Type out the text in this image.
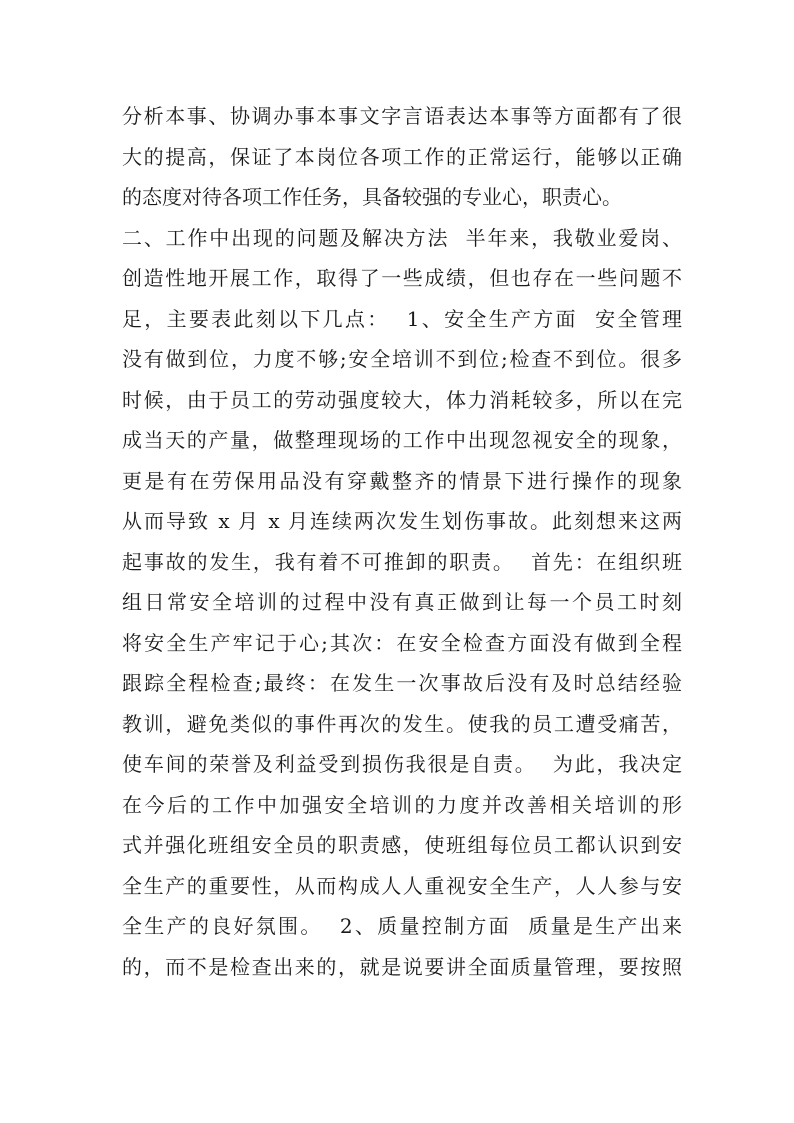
分析本事、协调办事本事文字言语表达本事等方面都有了很
大的提高，保证了本岗位各项工作的正常运行，能够以正确
的态度对待各项工作任务，具备较强的专业心，职责心。
二、工作中出现的问题及解决方法  半年来，我敬业爱岗、
创造性地开展工作，取得了一些成绩，但也存在一些问题不
足，主要表此刻以下几点：  1、安全生产方面  安全管理
没有做到位，力度不够;安全培训不到位;检查不到位。很多
时候，由于员工的劳动强度较大，体力消耗较多，所以在完
成当天的产量，做整理现场的工作中出现忽视安全的现象，
更是有在劳保用品没有穿戴整齐的情景下进行操作的现象
从而导致 x 月 x 月连续两次发生划伤事故。此刻想来这两
起事故的发生，我有着不可推卸的职责。  首先：在组织班
组日常安全培训的过程中没有真正做到让每一个员工时刻
将安全生产牢记于心;其次：在安全检查方面没有做到全程
跟踪全程检查;最终：在发生一次事故后没有及时总结经验
教训，避免类似的事件再次的发生。使我的员工遭受痛苦，
使车间的荣誉及利益受到损伤我很是自责。  为此，我决定
在今后的工作中加强安全培训的力度并改善相关培训的形
式并强化班组安全员的职责感，使班组每位员工都认识到安
全生产的重要性，从而构成人人重视安全生产，人人参与安
全生产的良好氛围。  2、质量控制方面  质量是生产出来
的，而不是检查出来的，就是说要讲全面质量管理，要按照
